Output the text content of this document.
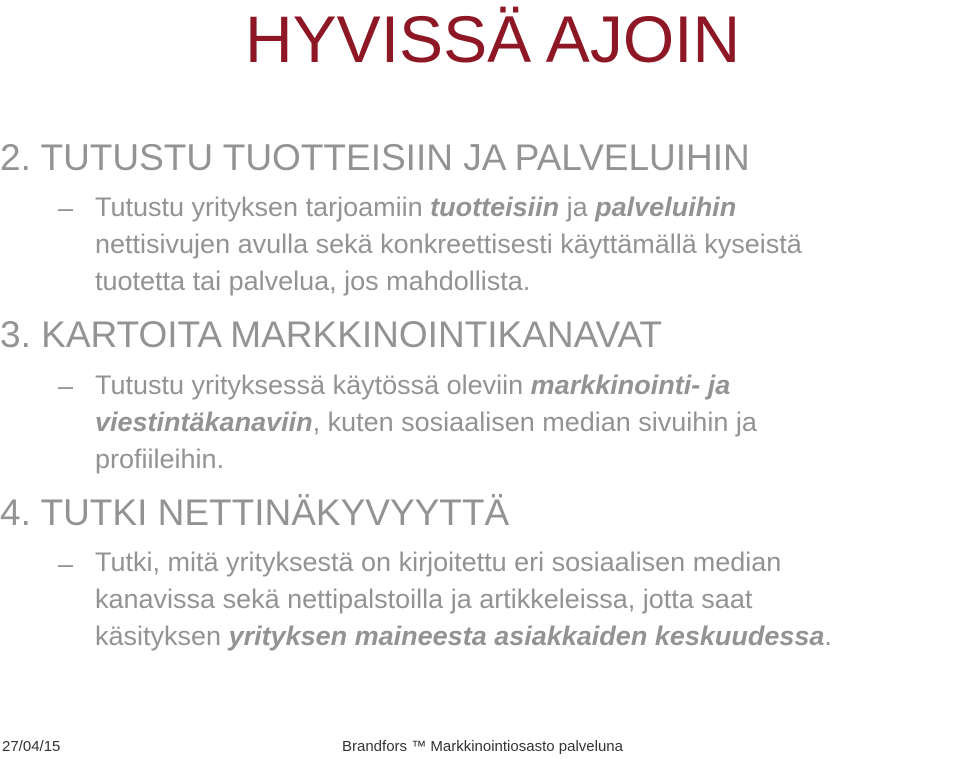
HYVISSÄ AJOIN
2. TUTUSTU TUOTTEISIIN JA PALVELUIHIN
– Tutustu yrityksen tarjoamiin tuotteisiin ja palveluihin
nettisivujen avulla sekä konkreettisesti käyttämällä kyseistä
tuotetta tai palvelua, jos mahdollista.

3. KARTOITA MARKKINOINTIKANAVAT
– Tutustu yrityksessä käytössä oleviin markkinointi- ja
viestintäkanaviin, kuten sosiaalisen median sivuihin ja
profiileihin.

4. TUTKI NETTINÄKYVYYTTÄ
– Tutki, mitä yrityksestä on kirjoitettu eri sosiaalisen median
kanavissa sekä nettipalstoilla ja artikkeleissa, jotta saat
käsityksen yrityksen maineesta asiakkaiden keskuudessa.

27/04/15	Brandfors ™ Markkinointiosasto palveluna
